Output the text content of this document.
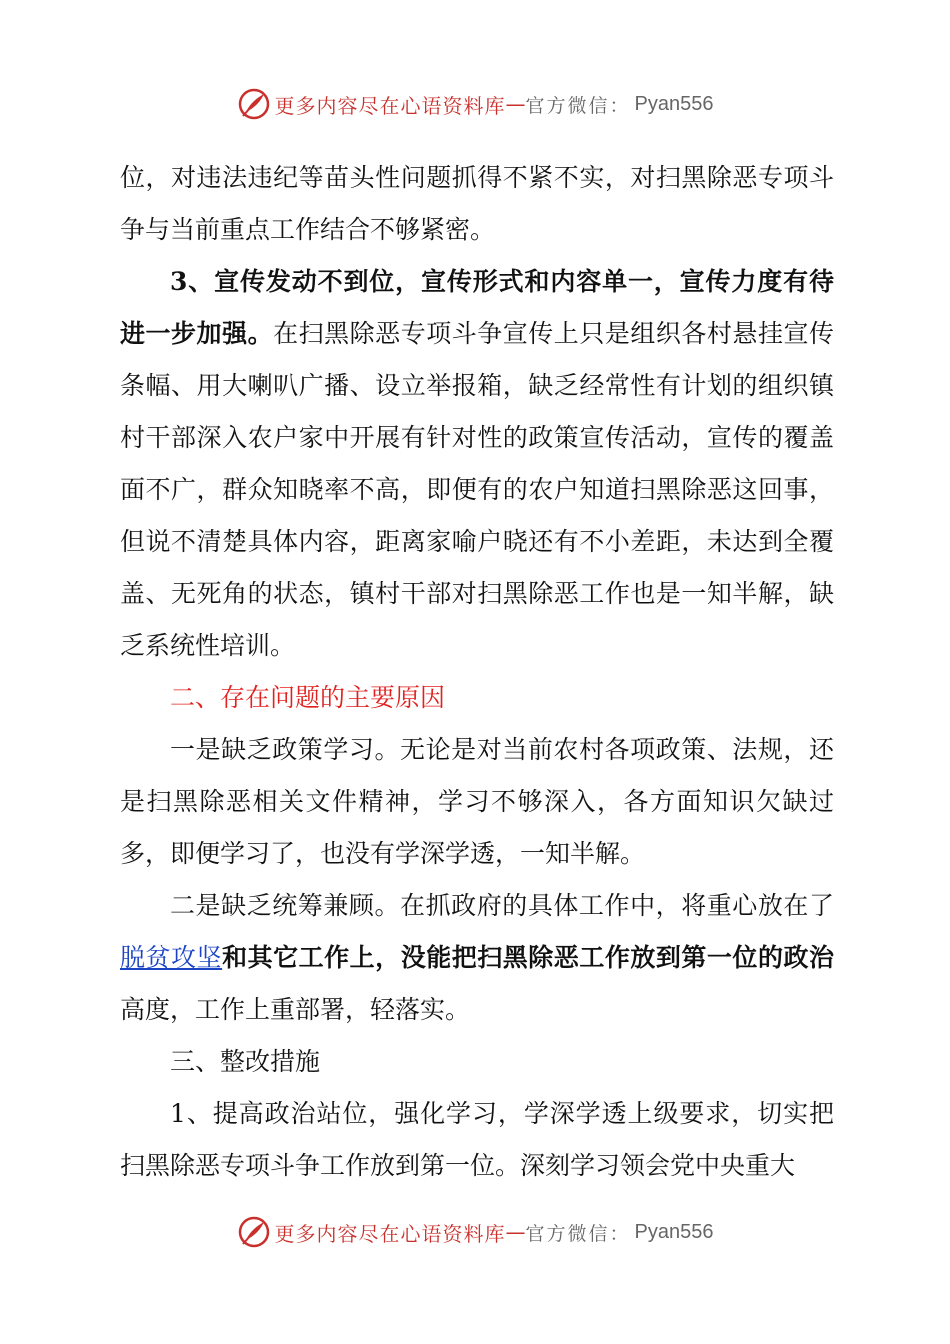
更多内容尽在心语资料库 — 官方微信： Pyan556

位，对违法违纪等苗头性问题抓得不紧不实，对扫黑除恶专项斗争与当前重点工作结合不够紧密。

3、宣传发动不到位，宣传形式和内容单一，宣传力度有待进一步加强。在扫黑除恶专项斗争宣传上只是组织各村悬挂宣传条幅、用大喇叭广播、设立举报箱，缺乏经常性有计划的组织镇村干部深入农户家中开展有针对性的政策宣传活动，宣传的覆盖面不广，群众知晓率不高，即便有的农户知道扫黑除恶这回事，但说不清楚具体内容，距离家喻户晓还有不小差距，未达到全覆盖、无死角的状态，镇村干部对扫黑除恶工作也是一知半解，缺乏系统性培训。

二、存在问题的主要原因

一是缺乏政策学习。无论是对当前农村各项政策、法规，还是扫黑除恶相关文件精神，学习不够深入，各方面知识欠缺过多，即便学习了，也没有学深学透，一知半解。

二是缺乏统筹兼顾。在抓政府的具体工作中，将重心放在了脱贫攻坚和其它工作上，没能把扫黑除恶工作放到第一位的政治高度，工作上重部署，轻落实。

三、整改措施

1、提高政治站位，强化学习，学深学透上级要求，切实把扫黑除恶专项斗争工作放到第一位。深刻学习领会党中央重大

更多内容尽在心语资料库 — 官方微信： Pyan556
